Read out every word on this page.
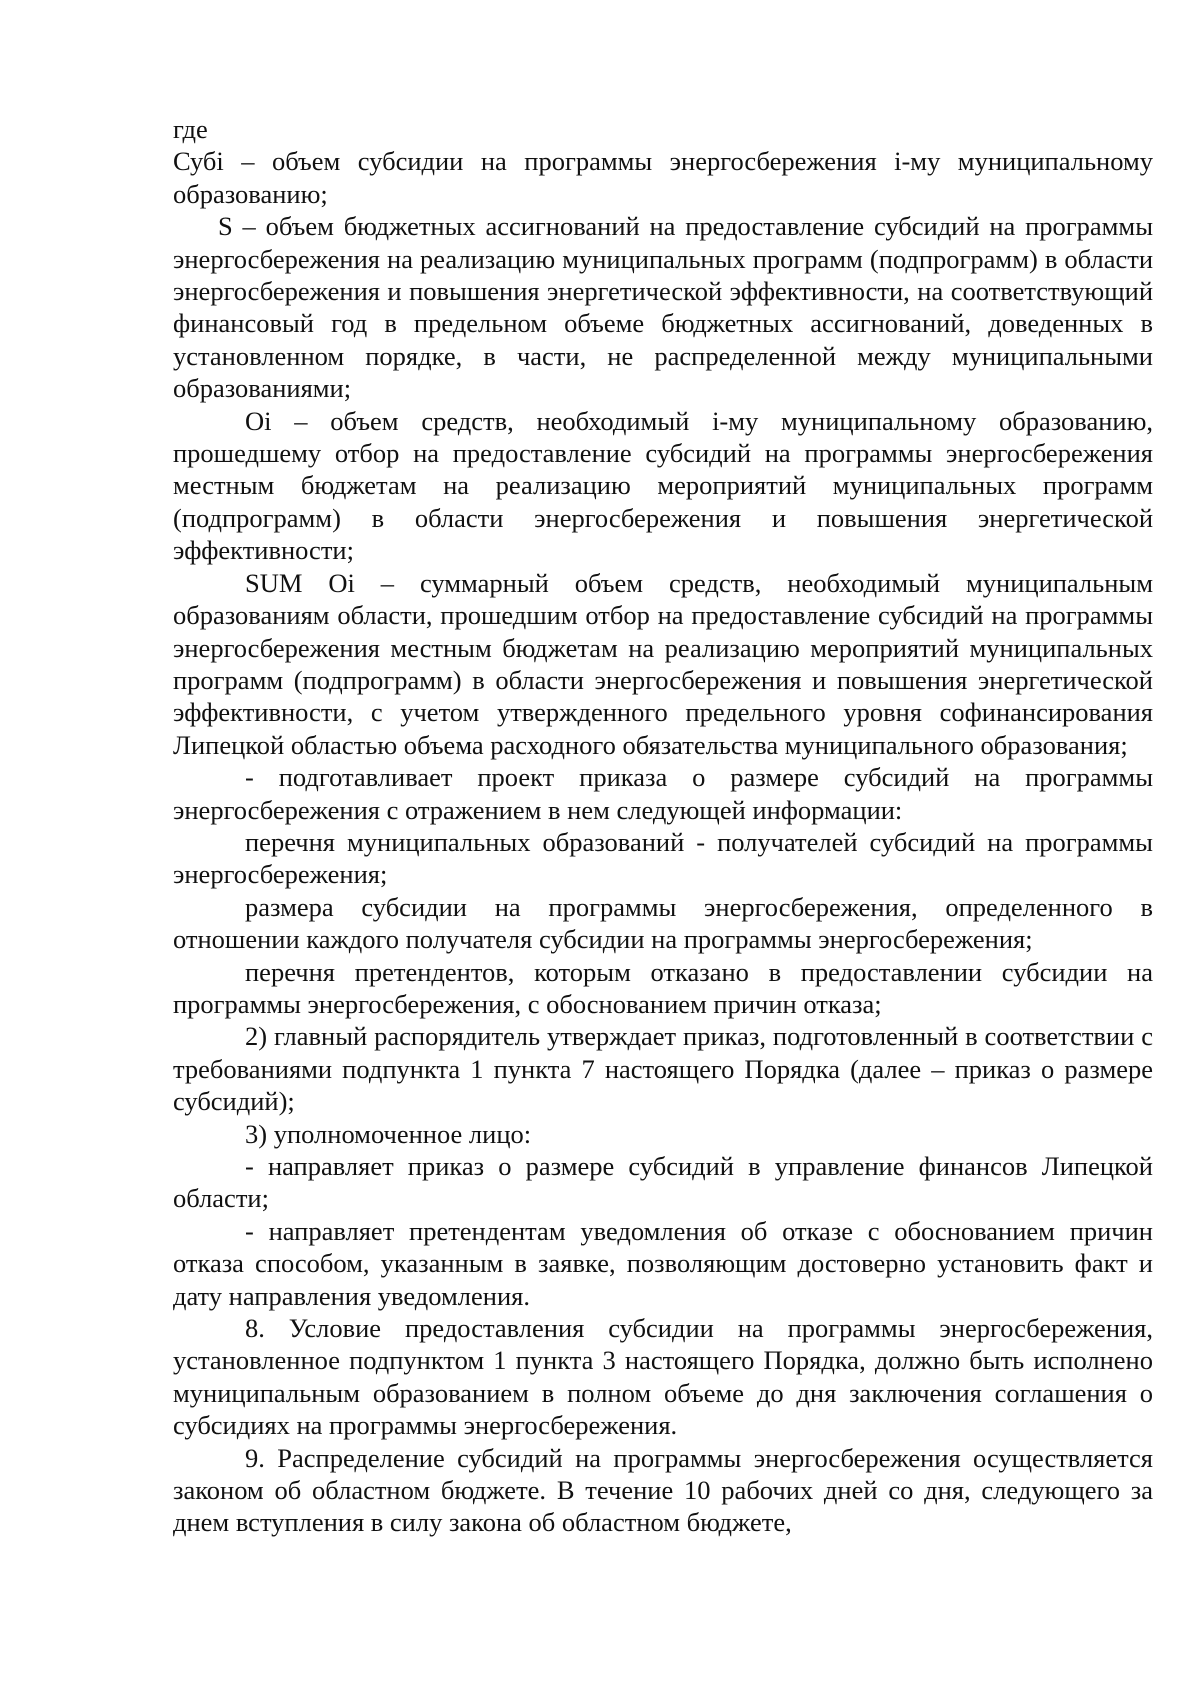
где

Субi – объем субсидии на программы энергосбережения i-му муниципальному образованию;

S – объем бюджетных ассигнований на предоставление субсидий на программы энергосбережения на реализацию муниципальных программ (подпрограмм) в области энергосбережения и повышения энергетической эффективности, на соответствующий финансовый год в предельном объеме бюджетных ассигнований, доведенных в установленном порядке, в части, не распределенной между муниципальными образованиями;

Оi – объем средств, необходимый i-му муниципальному образованию, прошедшему отбор на предоставление субсидий на программы энергосбережения местным бюджетам на реализацию мероприятий муниципальных программ (подпрограмм) в области энергосбережения и повышения энергетической эффективности;

SUM Оi – суммарный объем средств, необходимый муниципальным образованиям области, прошедшим отбор на предоставление субсидий на программы энергосбережения местным бюджетам на реализацию мероприятий муниципальных программ (подпрограмм) в области энергосбережения и повышения энергетической эффективности, с учетом утвержденного предельного уровня софинансирования Липецкой областью объема расходного обязательства муниципального образования;

- подготавливает проект приказа о размере субсидий на программы энергосбережения с отражением в нем следующей информации:

перечня муниципальных образований - получателей субсидий на программы энергосбережения;

размера субсидии на программы энергосбережения, определенного в отношении каждого получателя субсидии на программы энергосбережения;

перечня претендентов, которым отказано в предоставлении субсидии на программы энергосбережения, с обоснованием причин отказа;

2) главный распорядитель утверждает приказ, подготовленный в соответствии с требованиями подпункта 1 пункта 7 настоящего Порядка (далее – приказ о размере субсидий);

3) уполномоченное лицо:

- направляет приказ о размере субсидий в управление финансов Липецкой области;

- направляет претендентам уведомления об отказе с обоснованием причин отказа способом, указанным в заявке, позволяющим достоверно установить факт и дату направления уведомления.

8. Условие предоставления субсидии на программы энергосбережения, установленное подпунктом 1 пункта 3 настоящего Порядка, должно быть исполнено муниципальным образованием в полном объеме до дня заключения соглашения о субсидиях на программы энергосбережения.

9. Распределение субсидий на программы энергосбережения осуществляется законом об областном бюджете. В течение 10 рабочих дней со дня, следующего за днем вступления в силу закона об областном бюджете,
